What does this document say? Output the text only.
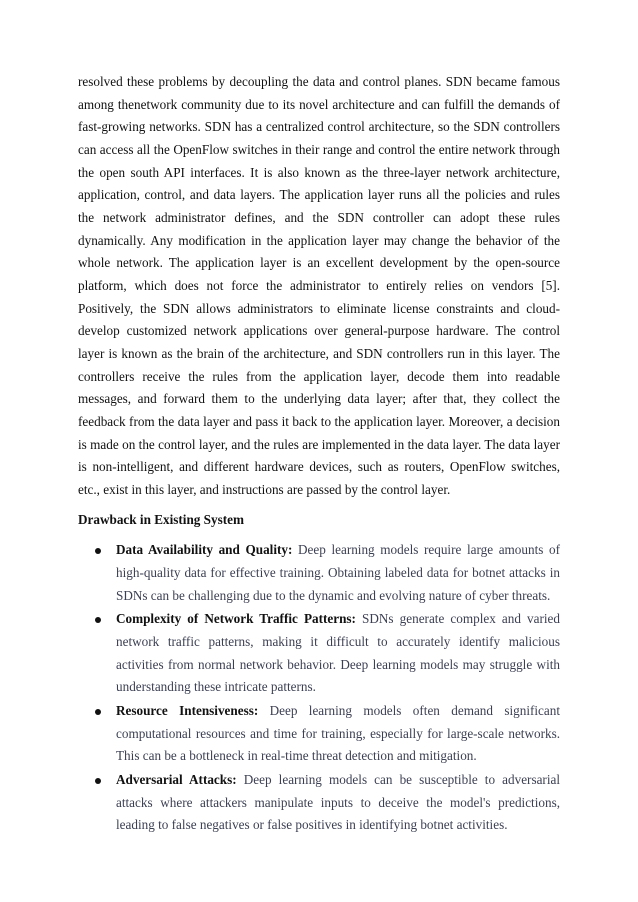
resolved these problems by decoupling the data and control planes. SDN became famous among thenetwork community due to its novel architecture and can fulfill the demands of fast-growing networks. SDN has a centralized control architecture, so the SDN controllers can access all the OpenFlow switches in their range and control the entire network through the open south API interfaces. It is also known as the three-layer network architecture, application, control, and data layers. The application layer runs all the policies and rules the network administrator defines, and the SDN controller can adopt these rules dynamically. Any modification in the application layer may change the behavior of the whole network. The application layer is an excellent development by the open-source platform, which does not force the administrator to entirely relies on vendors [5]. Positively, the SDN allows administrators to eliminate license constraints and cloud-develop customized network applications over general-purpose hardware. The control layer is known as the brain of the architecture, and SDN controllers run in this layer. The controllers receive the rules from the application layer, decode them into readable messages, and forward them to the underlying data layer; after that, they collect the feedback from the data layer and pass it back to the application layer. Moreover, a decision is made on the control layer, and the rules are implemented in the data layer. The data layer is non-intelligent, and different hardware devices, such as routers, OpenFlow switches, etc., exist in this layer, and instructions are passed by the control layer.

Drawback in Existing System
Data Availability and Quality: Deep learning models require large amounts of high-quality data for effective training. Obtaining labeled data for botnet attacks in SDNs can be challenging due to the dynamic and evolving nature of cyber threats.
Complexity of Network Traffic Patterns: SDNs generate complex and varied network traffic patterns, making it difficult to accurately identify malicious activities from normal network behavior. Deep learning models may struggle with understanding these intricate patterns.
Resource Intensiveness: Deep learning models often demand significant computational resources and time for training, especially for large-scale networks. This can be a bottleneck in real-time threat detection and mitigation.
Adversarial Attacks: Deep learning models can be susceptible to adversarial attacks where attackers manipulate inputs to deceive the model's predictions, leading to false negatives or false positives in identifying botnet activities.
